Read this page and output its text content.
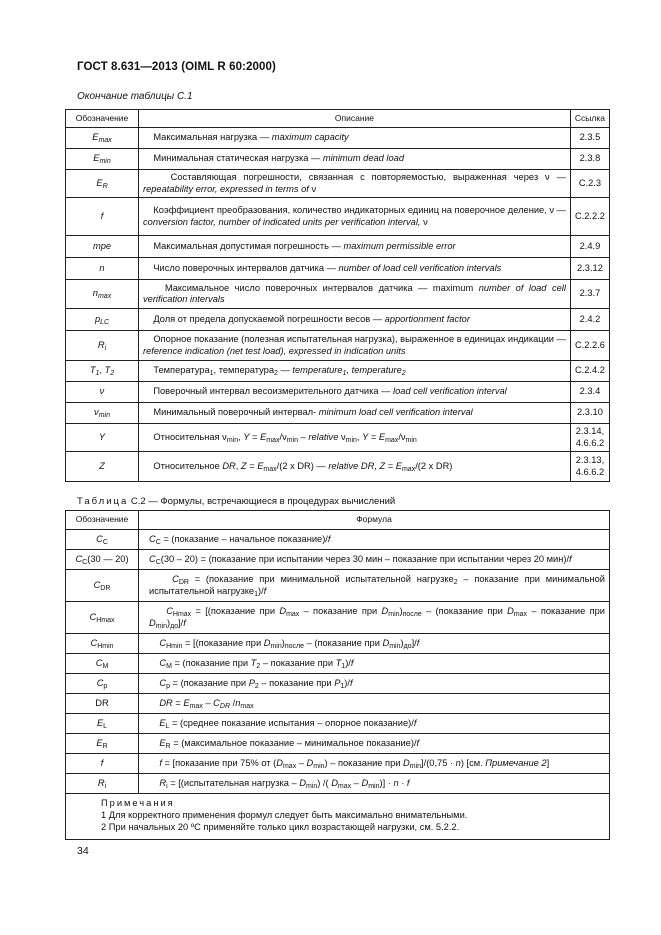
ГОСТ 8.631—2013 (OIML R 60:2000)
Окончание таблицы С.1
Обозначение	Описание	Ссылка
$E_{max}$	Максимальная нагрузка — maximum capacity	2.3.5
$E_{min}$	Минимальная статическая нагрузка — minimum dead load	2.3.8
$E_R$	Составляющая погрешности, связанная с повторяемостью, выраженная через ν — repeatability error, expressed in terms of ν	C.2.3
f	Коэффициент преобразования, количество индикаторных единиц на поверочное деление, ν — conversion factor, number of indicated units per verification interval, ν	C.2.2.2
mpe	Максимальная допустимая погрешность — maximum permissible error	2.4.9
n	Число поверочных интервалов датчика — number of load cell verification intervals	2.3.12
$n_{max}$	Максимальное число поверочных интервалов датчика — maximum number of load cell verification intervals	2.3.7
$p_{LC}$	Доля от предела допускаемой погрешности весов — apportionment factor	2.4.2
$R_i$	Опорное показание (полезная испытательная нагрузка), выраженное в единицах индикации — reference indication (net test load), expressed in indication units	C.2.2.6
$T_1$, $T_2$	Температура$_1$, температура$_2$ — temperature$_1$, temperature$_2$	C.2.4.2
ν	Поверочный интервал весоизмерительного датчика — load cell verification interval	2.3.4
$\nu_{min}$	Минимальный поверочный интервал- minimum load cell verification interval	2.3.10
Y	Относительная $\nu_{min}$, $Y = E_{max}/\nu_{min}$ – relative $\nu_{min}$, $Y = E_{max}/\nu_{min}$	2.3.14, 4.6.6.2
Z	Относительное DR, $Z = E_{max}/(2$ x DR) — relative DR, $Z = E_{max}/(2$ x DR)	2.3.13, 4.6.6.2
Таблица С.2 — Формулы, встречающиеся в процедурах вычислений
Обозначение	Формула
$C_C$	$C_C$ = (показание – начальное показание)/f
$C_C(30$ — 20)	$C_C(30 - 20)$ = (показание при испытании через 30 мин – показание при испытании через 20 мин)/f
$C_{DR}$	$C_{DR}$ = (показание при минимальной испытательной нагрузке$_2$ – показание при минимальной испытательной нагрузке$_1$)/f
$C_{Hmax}$	$C_{Hmax}$ = [(показание при $D_{max}$ – показание при $D_{min})_{после}$ – (показание при $D_{max}$ – показание при $D_{min})_{до}]/f$
$C_{Hmin}$	$C_{Hmin}$ = [(показание при $D_{min})_{после}$ – (показание при $D_{min})_{до}]/f$
$C_M$	$C_M$ = (показание при $T_2$ – показание при $T_1)/f$
$C_p$	$C_p$ = (показание при $P_2$ – показание при $P_1)/f$
DR	DR = $E_{max} - C_{DR}$ $/n_{max}$
$E_L$	$E_L$ = (среднее показание испытания – опорное показание)/f
$E_R$	$E_R$ = (максимальное показание – минимальное показание)/f
f	f = [показание при 75% от $(D_{max} - D_{min})$ – показание при $D_{min}]/(0,75 \cdot n)$ [см. Примечание 2]
$R_i$	$R_i$ = [(испытательная нагрузка – $D_{min}$) /( $D_{max} - D_{min})] \cdot n \cdot f$

Примечания
1 Для корректного применения формул следует быть максимально внимательными.
2 При начальных 20 ºС применяйте только цикл возрастающей нагрузки, см. 5.2.2.	
34
